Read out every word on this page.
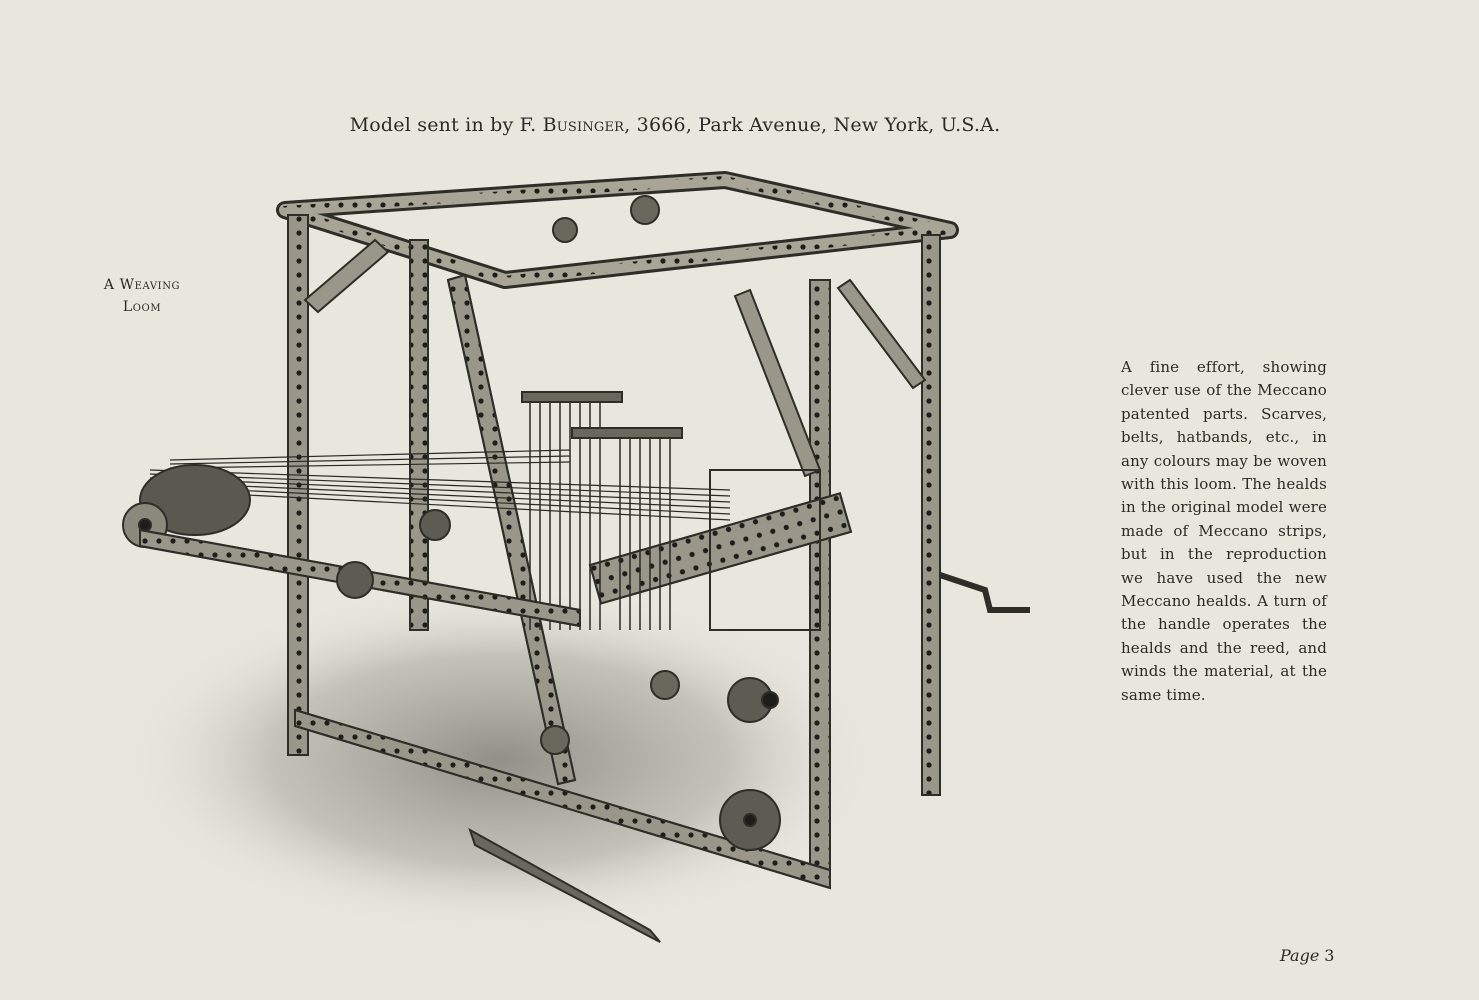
Model sent in by F. Businger, 3666, Park Avenue, New York, U.S.A.
A Weaving
Loom
A fine effort, showing clever use of the Meccano patented parts. Scarves, belts, hatbands, etc., in any colours may be woven with this loom. The healds in the original model were made of Meccano strips, but in the reproduction we have used the new Meccano healds. A turn of the handle operates the healds and the reed, and winds the material, at the same time.
Page 3
